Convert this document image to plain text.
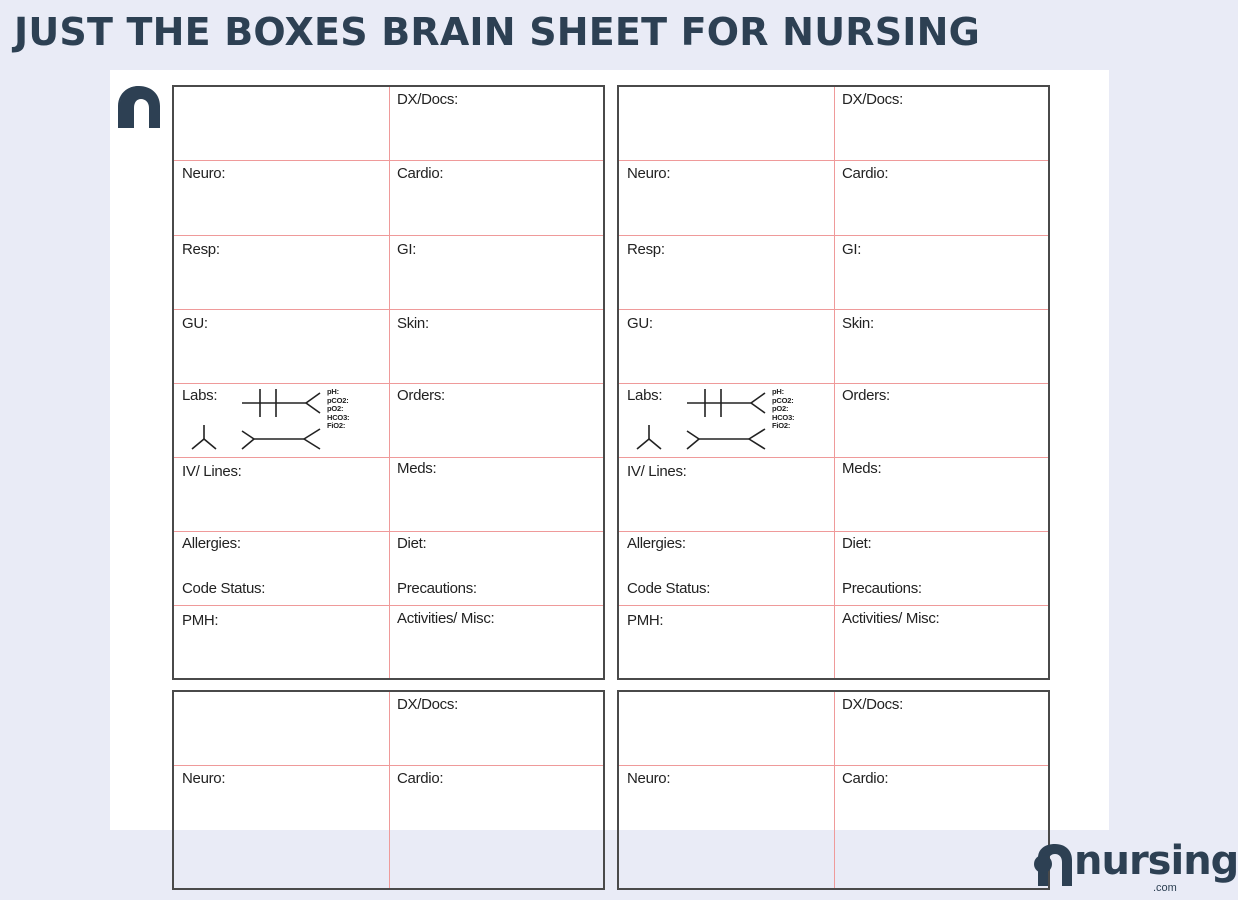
JUST THE BOXES BRAIN SHEET FOR NURSING
DX/Docs:
Neuro:	Cardio:
Resp:	GI:
GU:	Skin:
Labs:	Orders:
pH:
pCO2:
pO2:
HCO3:
FiO2:
IV/ Lines:	Meds:
Allergies:	Diet:
Code Status:	Precautions:
PMH:	Activities/ Misc:
DX/Docs:
Neuro:	Cardio:
Resp:	GI:
GU:	Skin:
Labs:	Orders:
pH:
pCO2:
pO2:
HCO3:
FiO2:
IV/ Lines:	Meds:
Allergies:	Diet:
Code Status:	Precautions:
PMH:	Activities/ Misc:
DX/Docs:
Neuro:	Cardio:
DX/Docs:
Neuro:	Cardio:
nursing
.com
